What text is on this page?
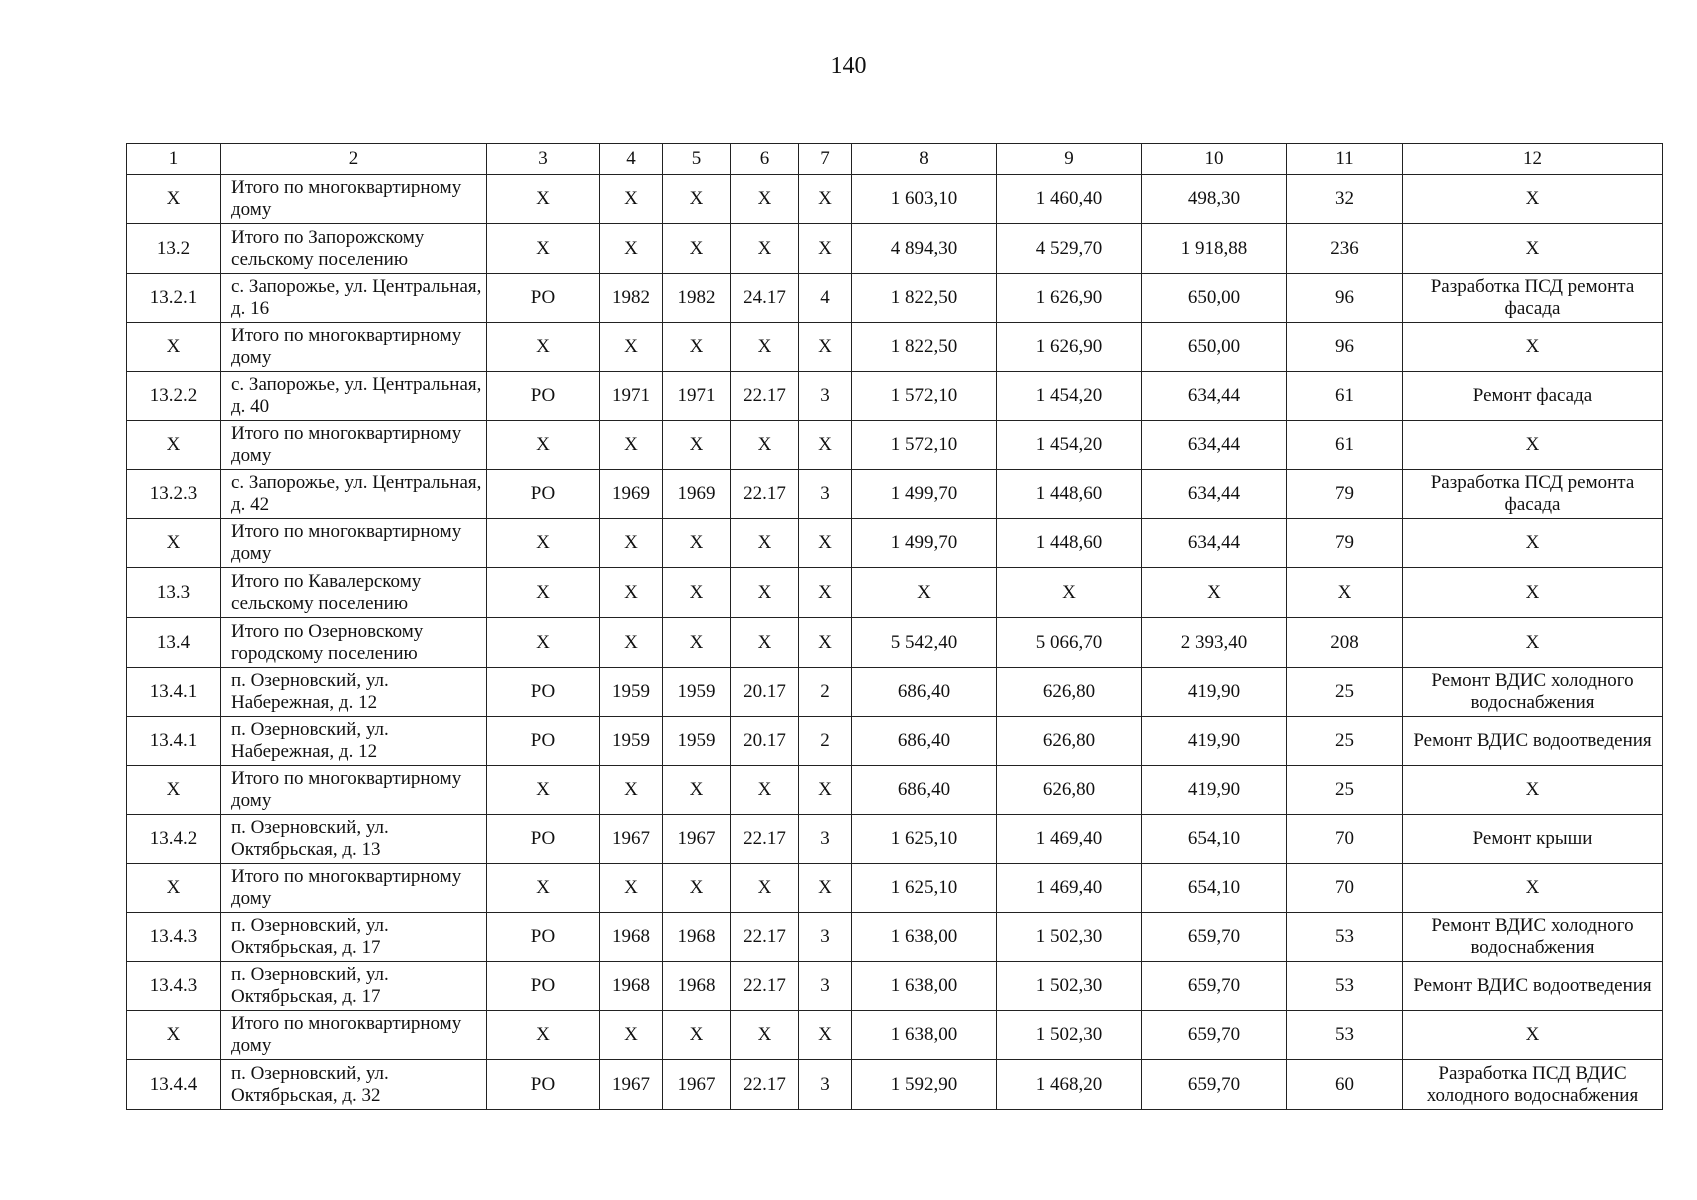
140
1	2	3	4	5	6	7	8	9	10	11	12
Х	Итого по многоквартирному дому	Х	Х	Х	Х	Х	1 603,10	1 460,40	498,30	32	Х
13.2	Итого по Запорожскому сельскому поселению	Х	Х	Х	Х	Х	4 894,30	4 529,70	1 918,88	236	Х
13.2.1	с. Запорожье, ул. Центральная, д. 16	РО	1982	1982	24.17	4	1 822,50	1 626,90	650,00	96	Разработка ПСД ремонта фасада
Х	Итого по многоквартирному дому	Х	Х	Х	Х	Х	1 822,50	1 626,90	650,00	96	Х
13.2.2	с. Запорожье, ул. Центральная, д. 40	РО	1971	1971	22.17	3	1 572,10	1 454,20	634,44	61	Ремонт фасада
Х	Итого по многоквартирному дому	Х	Х	Х	Х	Х	1 572,10	1 454,20	634,44	61	Х
13.2.3	с. Запорожье, ул. Центральная, д. 42	РО	1969	1969	22.17	3	1 499,70	1 448,60	634,44	79	Разработка ПСД ремонта фасада
Х	Итого по многоквартирному дому	Х	Х	Х	Х	Х	1 499,70	1 448,60	634,44	79	Х
13.3	Итого по Кавалерскому сельскому поселению	Х	Х	Х	Х	Х	Х	Х	Х	Х	Х
13.4	Итого по Озерновскому городскому поселению	Х	Х	Х	Х	Х	5 542,40	5 066,70	2 393,40	208	Х
13.4.1	п. Озерновский, ул. Набережная, д. 12	РО	1959	1959	20.17	2	686,40	626,80	419,90	25	Ремонт ВДИС холодного водоснабжения
13.4.1	п. Озерновский, ул. Набережная, д. 12	РО	1959	1959	20.17	2	686,40	626,80	419,90	25	Ремонт ВДИС водоотведения
Х	Итого по многоквартирному дому	Х	Х	Х	Х	Х	686,40	626,80	419,90	25	Х
13.4.2	п. Озерновский, ул. Октябрьская, д. 13	РО	1967	1967	22.17	3	1 625,10	1 469,40	654,10	70	Ремонт крыши
Х	Итого по многоквартирному дому	Х	Х	Х	Х	Х	1 625,10	1 469,40	654,10	70	Х
13.4.3	п. Озерновский, ул. Октябрьская, д. 17	РО	1968	1968	22.17	3	1 638,00	1 502,30	659,70	53	Ремонт ВДИС холодного водоснабжения
13.4.3	п. Озерновский, ул. Октябрьская, д. 17	РО	1968	1968	22.17	3	1 638,00	1 502,30	659,70	53	Ремонт ВДИС водоотведения
Х	Итого по многоквартирному дому	Х	Х	Х	Х	Х	1 638,00	1 502,30	659,70	53	Х
13.4.4	п. Озерновский, ул. Октябрьская, д. 32	РО	1967	1967	22.17	3	1 592,90	1 468,20	659,70	60	Разработка ПСД ВДИС холодного водоснабжения
